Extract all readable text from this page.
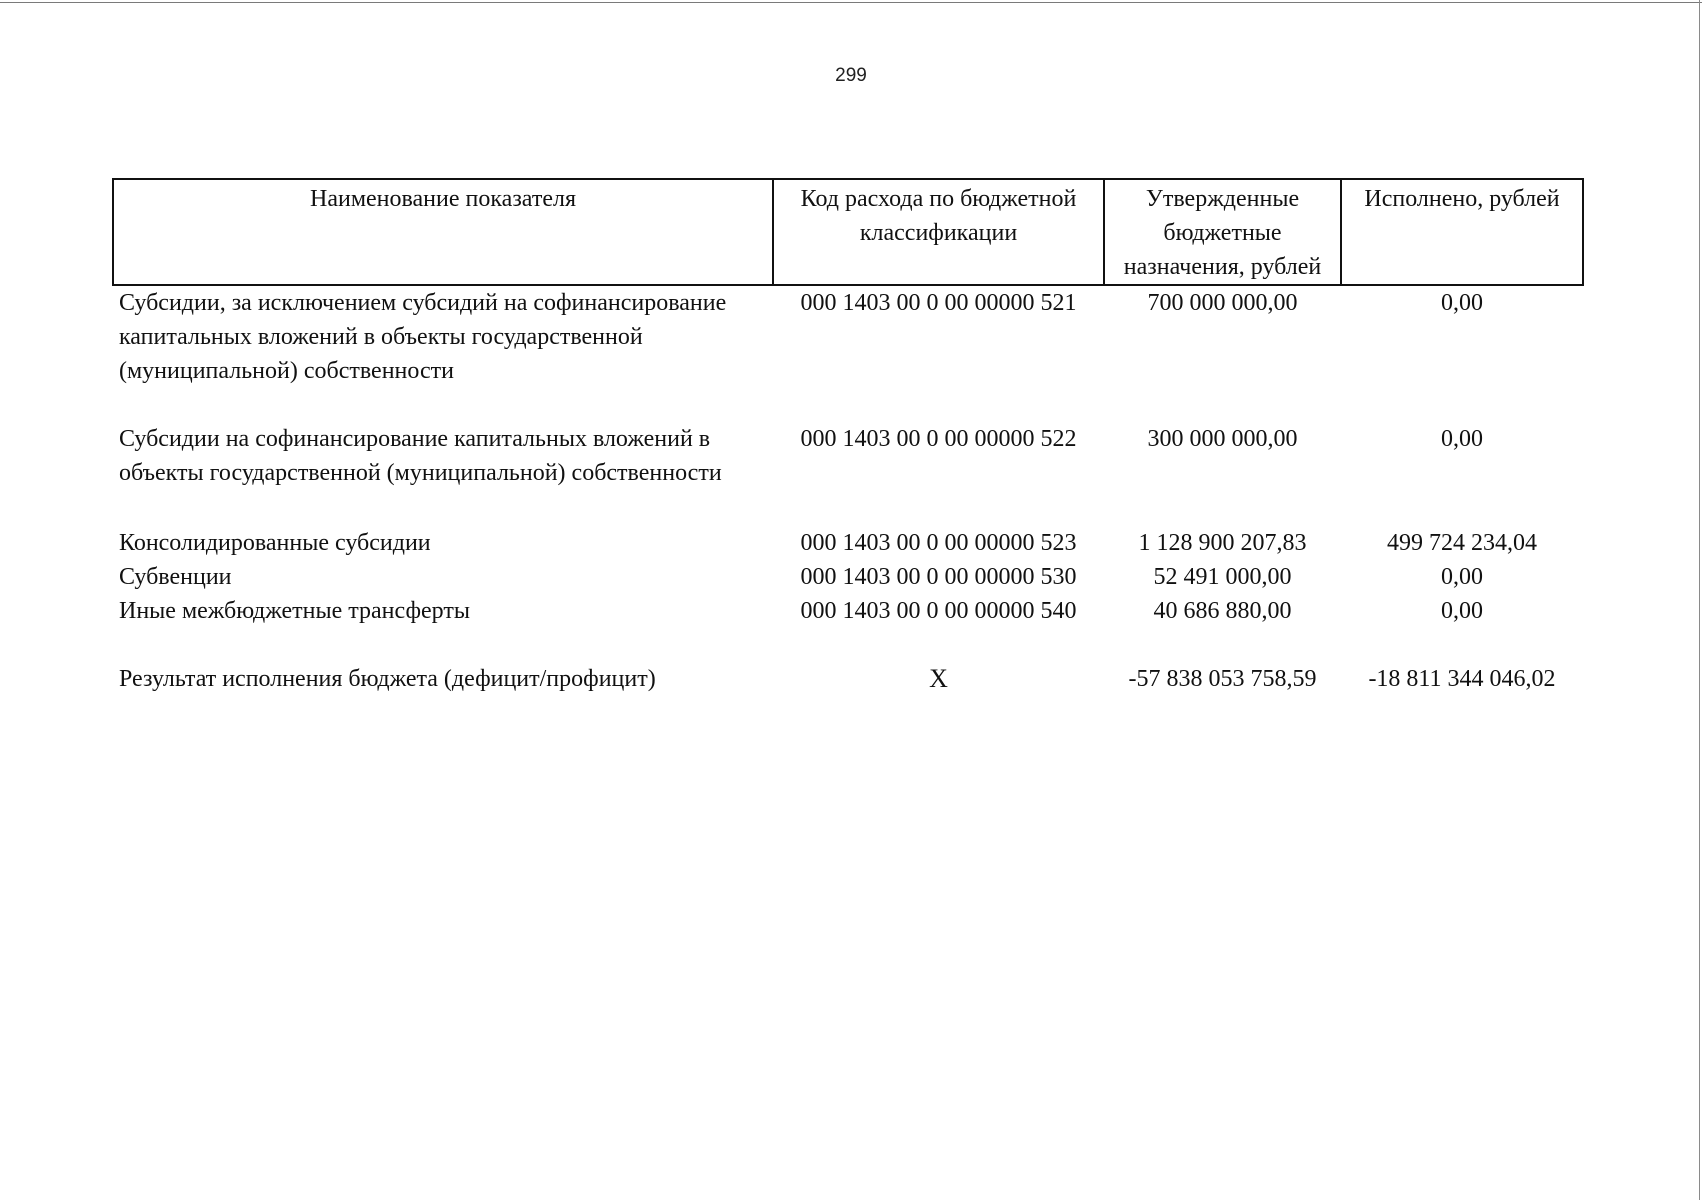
299
Наименование показателя	Код расхода по бюджетной классификации	Утвержденные бюджетные назначения, рублей	Исполнено, рублей
Субсидии, за исключением субсидий на софинансирование капитальных вложений в объекты государственной (муниципальной) собственности	000 1403 00 0 00 00000 521	700 000 000,00	0,00
Субсидии на софинансирование капитальных вложений в объекты государственной (муниципальной) собственности	000 1403 00 0 00 00000 522	300 000 000,00	0,00
Консолидированные субсидии	000 1403 00 0 00 00000 523	1 128 900 207,83	499 724 234,04
Субвенции	000 1403 00 0 00 00000 530	52 491 000,00	0,00
Иные межбюджетные трансферты	000 1403 00 0 00 00000 540	40 686 880,00	0,00

Результат исполнения бюджета (дефицит/профицит)	X	-57 838 053 758,59	-18 811 344 046,02
